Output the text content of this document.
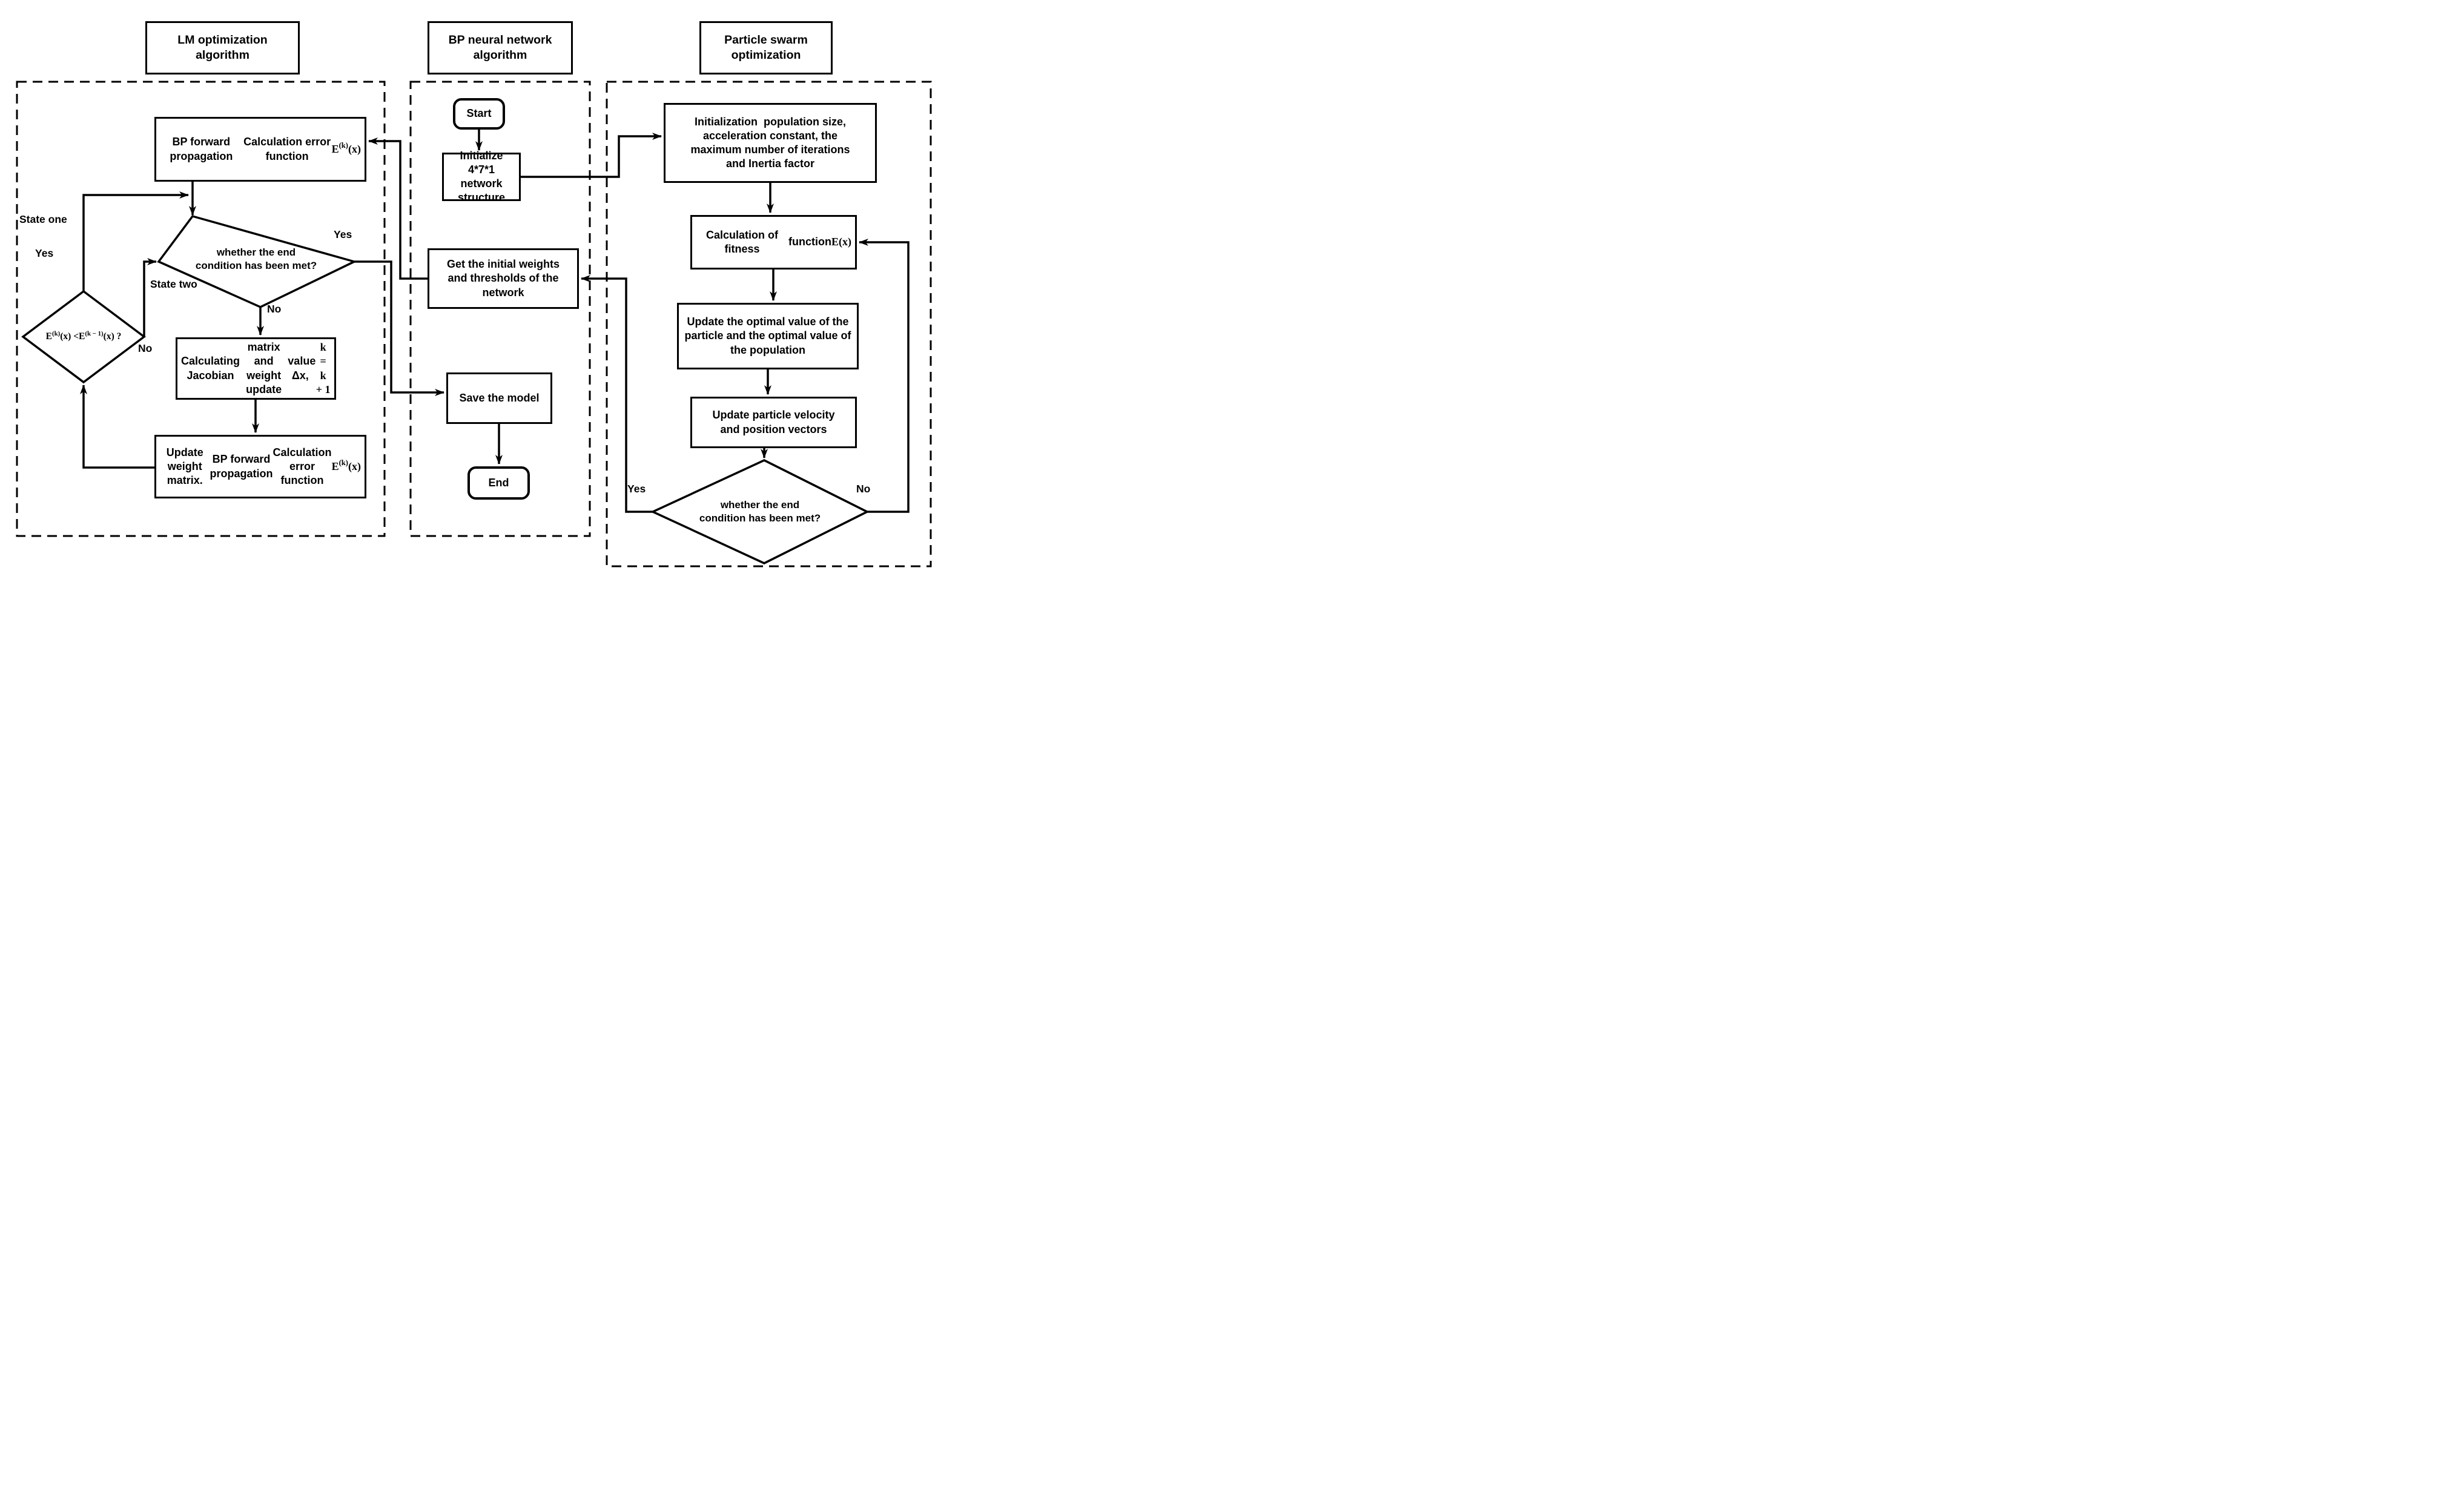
LM optimization
algorithm
BP neural network
algorithm
Particle swarm
optimization
BP forward propagation

Calculation error function
E (k) (x)
whether the end
condition has been met?
Calculating Jacobian

matrix and weight update

value Δx,
k = k + 1
Update weight matrix.

BP forward propagation

Calculation error function
E (k) (x)
E (k) (x) < E (k − 1) (x) ?
State one
Yes
No
State two
Yes
No
Start
Initialize 4*7*1
network
structure
Get the initial weights
and thresholds of the
network
Save the model
End
Initialization  population size,
acceleration constant, the
maximum number of iterations
and Inertia factor
Calculation of fitness

function E(x)
Update the optimal value of the
particle and the optimal value of
the population
Update particle velocity
and position vectors
whether the end
condition has been met?
Yes	No
